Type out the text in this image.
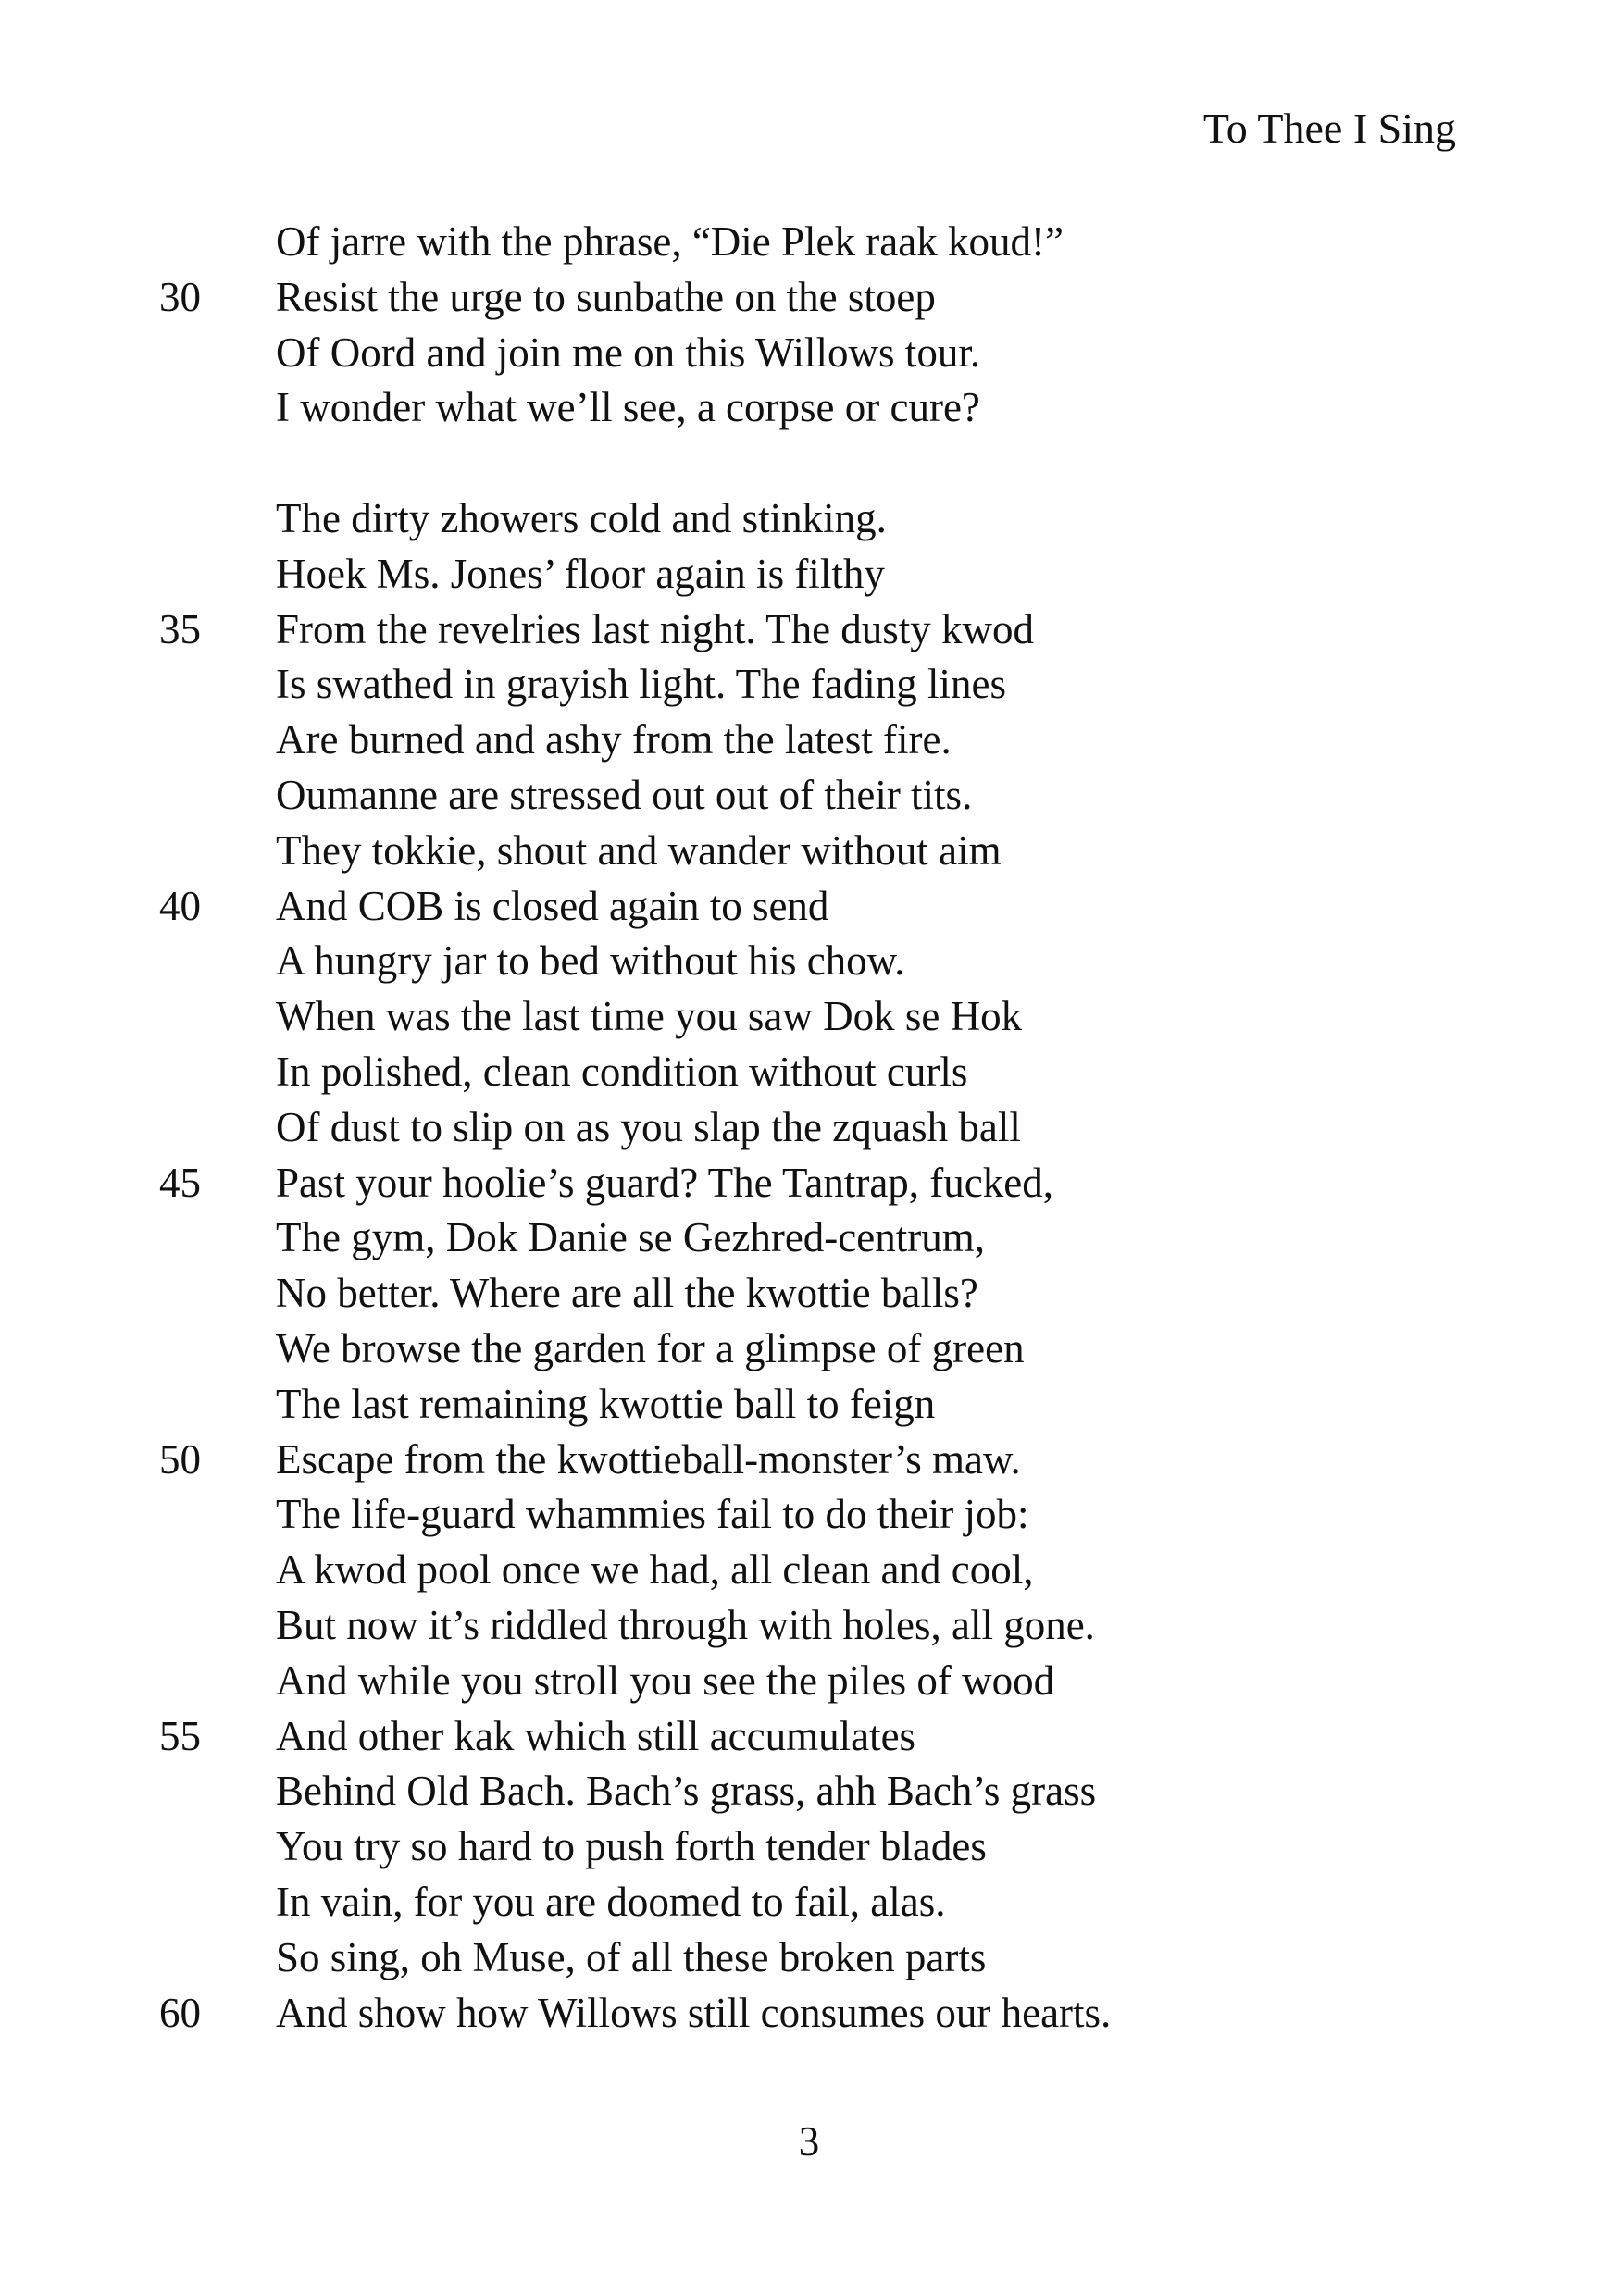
To Thee I Sing
Of jarre with the phrase, “Die Plek raak koud!”
30 Resist the urge to sunbathe on the stoep
Of Oord and join me on this Willows tour.
I wonder what we’ll see, a corpse or cure?
The dirty zhowers cold and stinking.
Hoek Ms. Jones’ floor again is filthy
35 From the revelries last night. The dusty kwod
Is swathed in grayish light. The fading lines
Are burned and ashy from the latest fire.
Oumanne are stressed out out of their tits.
They tokkie, shout and wander without aim
40 And COB is closed again to send
A hungry jar to bed without his chow.
When was the last time you saw Dok se Hok
In polished, clean condition without curls
Of dust to slip on as you slap the zquash ball
45 Past your hoolie’s guard? The Tantrap, fucked,
The gym, Dok Danie se Gezhred-centrum,
No better. Where are all the kwottie balls?
We browse the garden for a glimpse of green
The last remaining kwottie ball to feign
50 Escape from the kwottieball-monster’s maw.
The life-guard whammies fail to do their job:
A kwod pool once we had, all clean and cool,
But now it’s riddled through with holes, all gone.
And while you stroll you see the piles of wood
55 And other kak which still accumulates
Behind Old Bach. Bach’s grass, ahh Bach’s grass
You try so hard to push forth tender blades
In vain, for you are doomed to fail, alas.
So sing, oh Muse, of all these broken parts
60 And show how Willows still consumes our hearts.
3
